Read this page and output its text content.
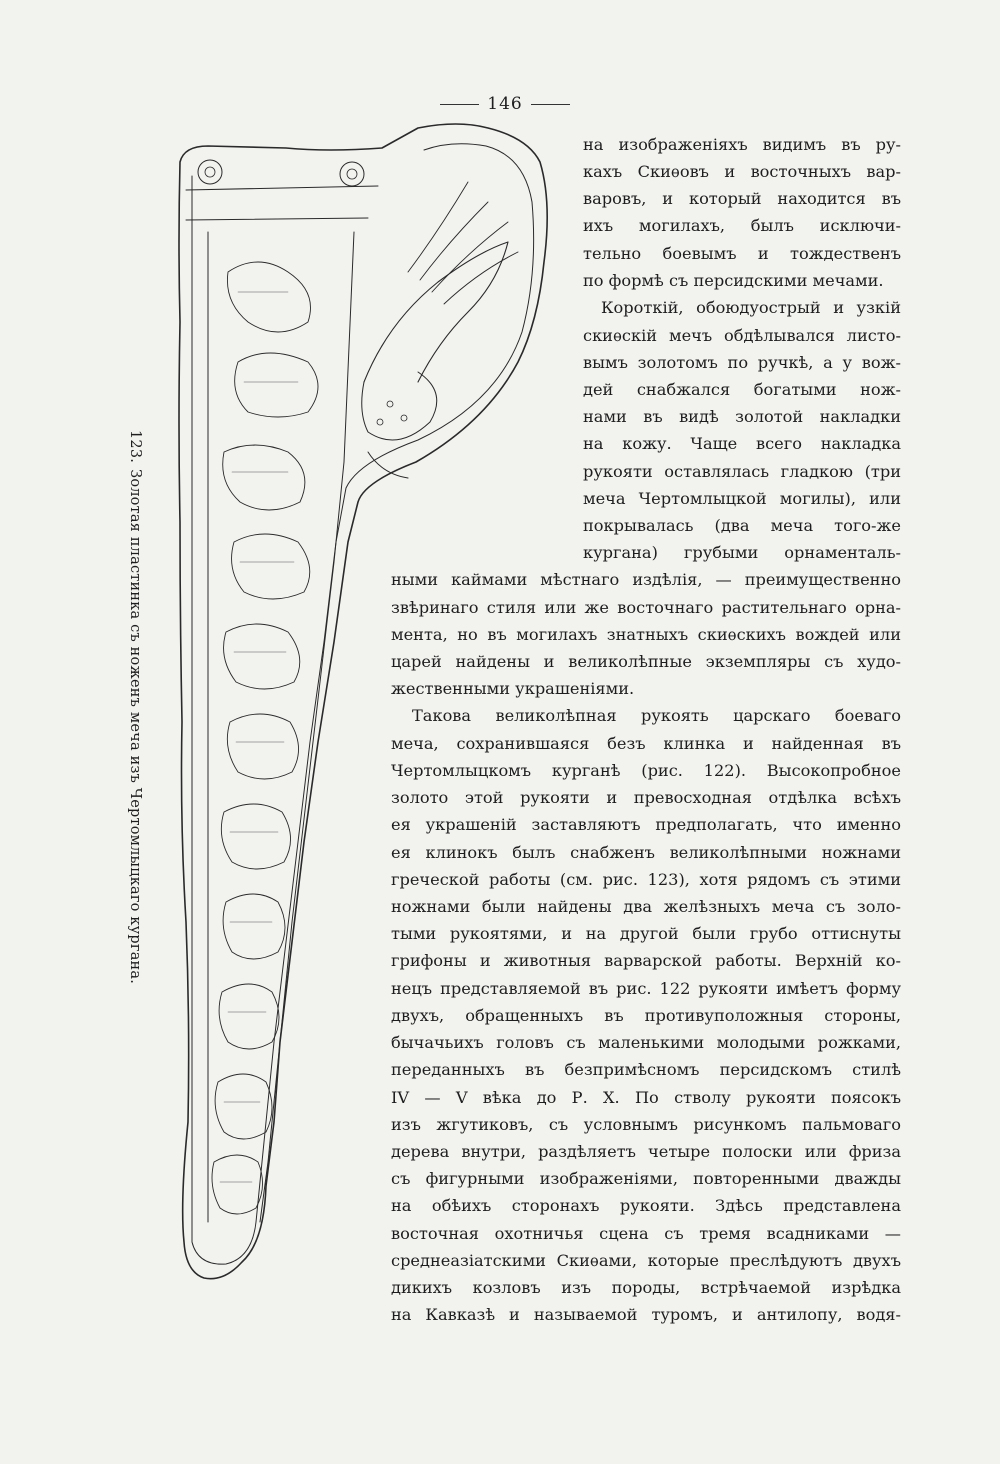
146
123.Золотая пластинка съ ноженъ меча изъ Чертомлыцкаго кургана.
на изображеніяхъ видимъ въ ру-
кахъ Скиѳовъ и восточныхъ вар-
варовъ, и который находится въ
ихъ могилахъ, былъ исключи-
тельно боевымъ и тождественъ
по формѣ съ персидскими мечами.
Короткій, обоюдуострый и узкій
скиѳскій мечъ обдѣлывался листо-
вымъ золотомъ по ручкѣ, а у вож-
дей снабжался богатыми нож-
нами въ видѣ золотой накладки
на кожу. Чаще всего накладка
рукояти оставлялась гладкою (три
меча Чертомлыцкой могилы), или
покрывалась (два меча того-же
кургана) грубыми орнаменталь-
ными каймами мѣстнаго издѣлія, — преимущественно
звѣринаго стиля или же восточнаго растительнаго орна-
мента, но въ могилахъ знатныхъ скиѳскихъ вождей или
царей найдены и великолѣпные экземпляры съ худо-
жественными украшеніями.
Такова великолѣпная рукоять царскаго боеваго
меча, сохранившаяся безъ клинка и найденная въ
Чертомлыцкомъ курганѣ (рис. 122). Высокопробное
золото этой рукояти и превосходная отдѣлка всѣхъ
ея украшеній заставляютъ предполагать, что именно
ея клинокъ былъ снабженъ великолѣпными ножнами
греческой работы (см. рис. 123), хотя рядомъ съ этими
ножнами были найдены два желѣзныхъ меча съ золо-
тыми рукоятями, и на другой были грубо оттиснуты
грифоны и животныя варварской работы. Верхній ко-
нецъ представляемой въ рис. 122 рукояти имѣетъ форму
двухъ, обращенныхъ въ противуположныя стороны,
бычачьихъ головъ съ маленькими молодыми рожками,
переданныхъ въ безпримѣсномъ персидскомъ стилѣ
IV — V вѣка до Р. Х. По стволу рукояти поясокъ
изъ жгутиковъ, съ условнымъ рисункомъ пальмоваго
дерева внутри, раздѣляетъ четыре полоски или фриза
съ фигурными изображеніями, повторенными дважды
на обѣихъ сторонахъ рукояти. Здѣсь представлена
восточная охотничья сцена съ тремя всадниками —
среднеазіатскими Скиѳами, которые преслѣдуютъ двухъ
дикихъ козловъ изъ породы, встрѣчаемой изрѣдка
на Кавказѣ и называемой туромъ, и антилопу, водя-
